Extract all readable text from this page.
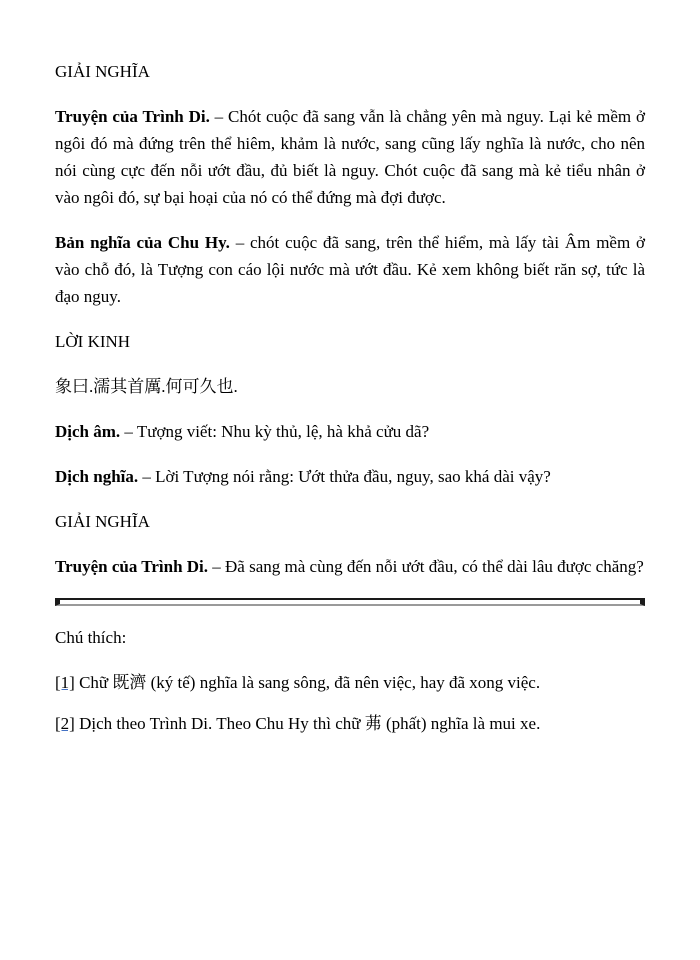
GIẢI NGHĨA

Truyện của Trình Di. – Chót cuộc đã sang vẫn là chẳng yên mà nguy. Lại kẻ mềm ở ngôi đó mà đứng trên thể hiêm, khảm là nước, sang cũng lấy nghĩa là nước, cho nên nói cùng cực đến nỗi ướt đầu, đủ biết là nguy. Chót cuộc đã sang mà kẻ tiểu nhân ở vào ngôi đó, sự bại hoại của nó có thể đứng mà đợi được.

Bản nghĩa của Chu Hy. – chót cuộc đã sang, trên thể hiểm, mà lấy tài Âm mềm ở vào chỗ đó, là Tượng con cáo lội nước mà ướt đầu. Kẻ xem không biết răn sợ, tức là đạo nguy.

LỜI KINH

象曰.濡其首厲.何可久也.

Dịch âm. – Tượng viết: Nhu kỳ thủ, lệ, hà khả cửu dã?

Dịch nghĩa. – Lời Tượng nói rằng: Ướt thửa đầu, nguy, sao khá dài vậy?

GIẢI NGHĨA

Truyện của Trình Di. – Đã sang mà cùng đến nỗi ướt đầu, có thể dài lâu được chăng?

Chú thích:

[1] Chữ 既濟 (ký tế) nghĩa là sang sông, đã nên việc, hay đã xong việc.

[2] Dịch theo Trình Di. Theo Chu Hy thì chữ 茀 (phất) nghĩa là mui xe.
